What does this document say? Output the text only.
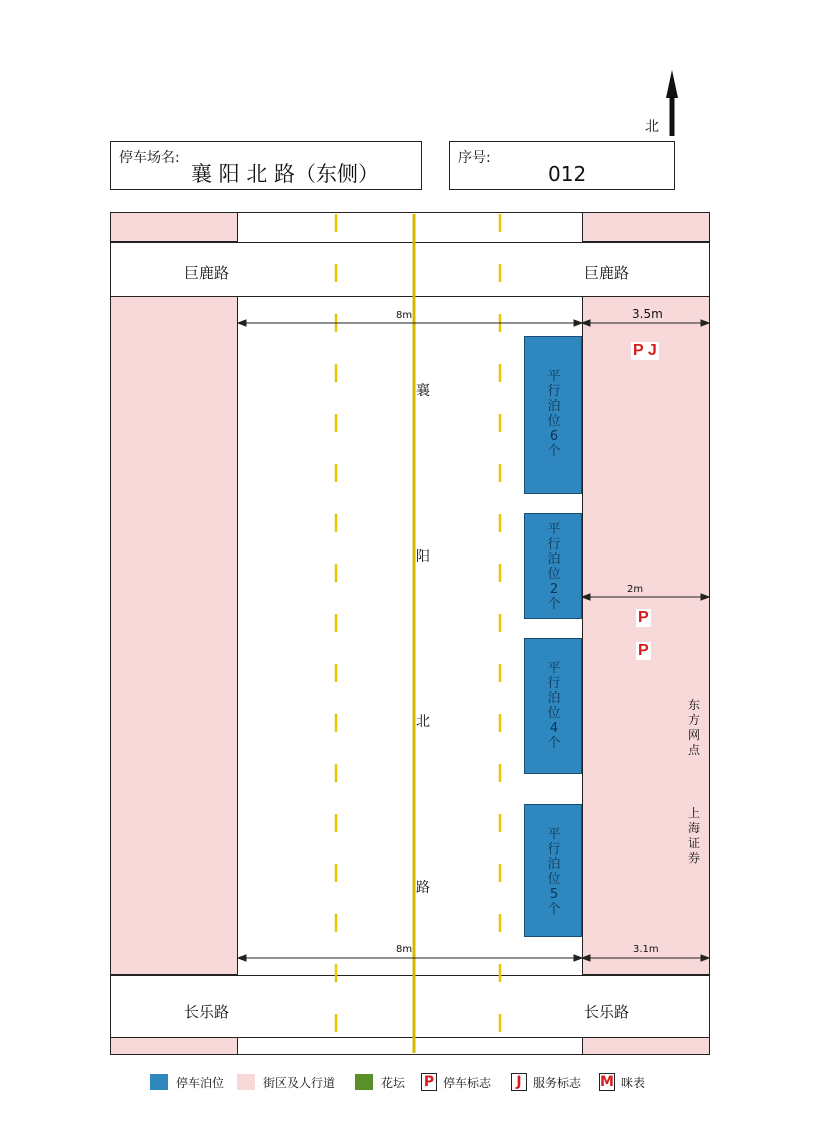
北
停车场名:
襄 阳 北 路（东侧）
序号:
012
8m	3.5m
2m
8m	3.1m
巨鹿路	巨鹿路
长乐路	长乐路
襄
阳
北
路
平
行
泊
位
6
个
平
行
泊
位
2
个
平
行
泊
位
4
个
平
行
泊
位
5
个
P J
P
P
东
方
网
点
上
海
证
券
停车泊位	街区及人行道	花坛 P 停车标志	J 服务标志 M 咪表
